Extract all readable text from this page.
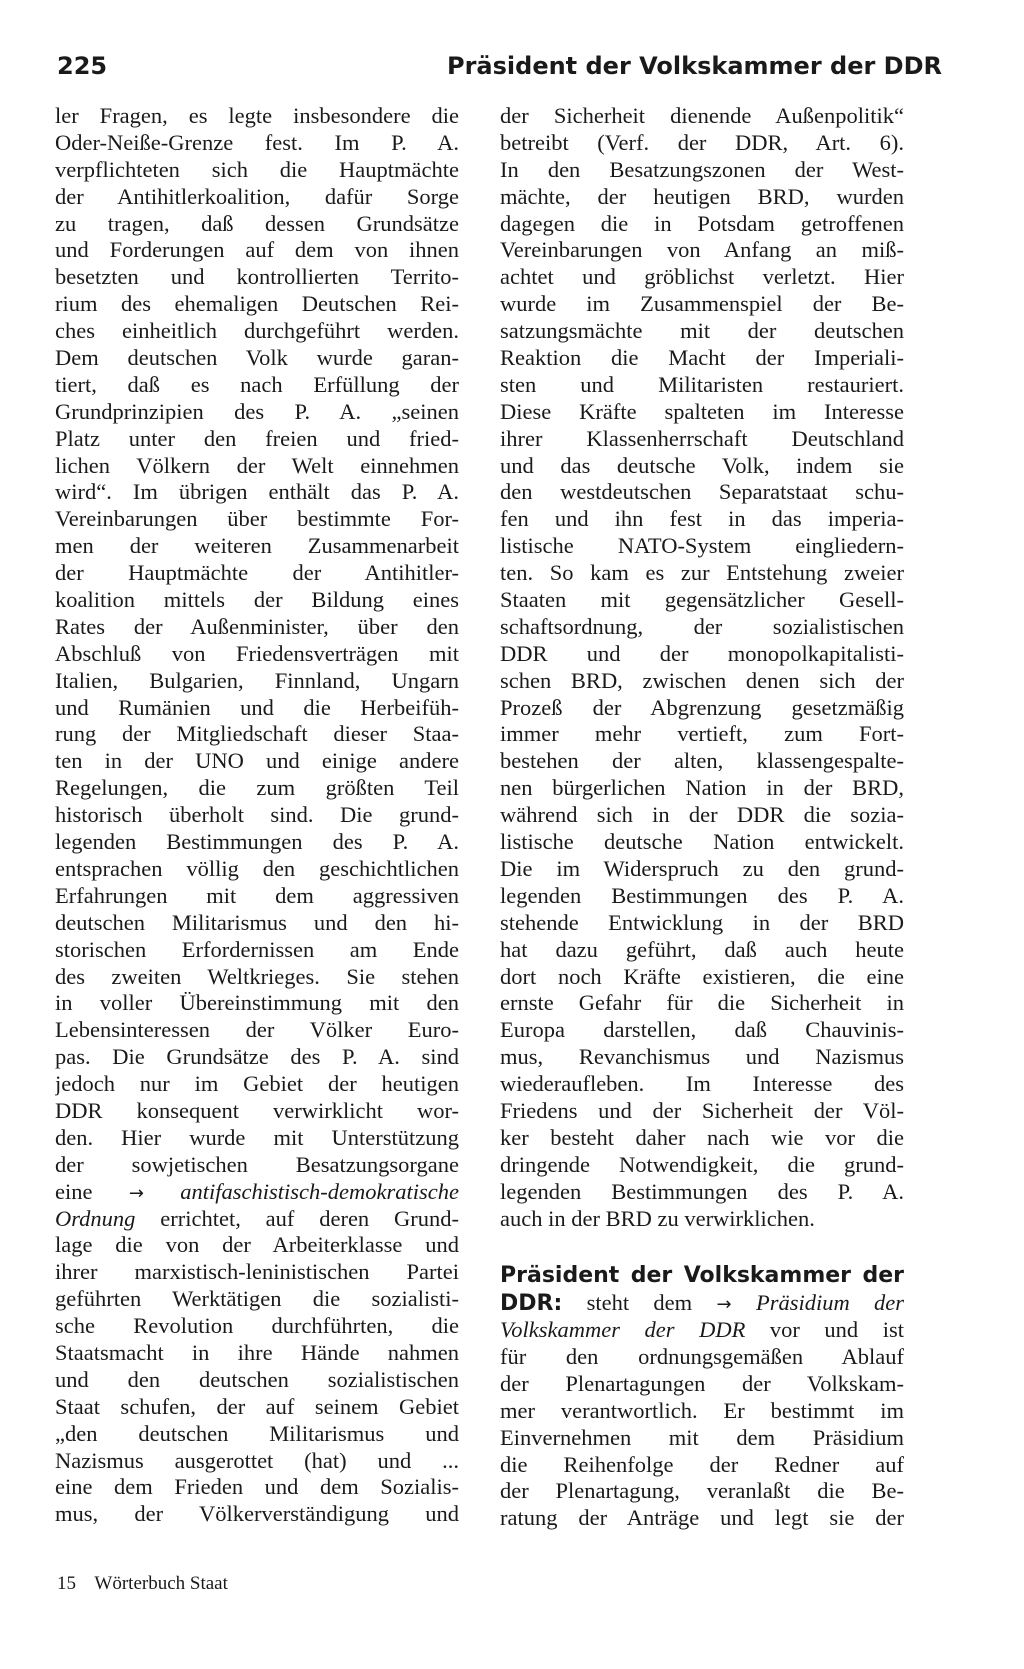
225	Präsident der Volkskammer der DDR
ler Fragen, es legte insbesondere die
Oder-Neiße-Grenze fest. Im P. A.
verpflichteten sich die Hauptmächte
der Antihitlerkoalition, dafür Sorge
zu tragen, daß dessen Grundsätze
und Forderungen auf dem von ihnen
besetzten und kontrollierten Territo-
rium des ehemaligen Deutschen Rei-
ches einheitlich durchgeführt werden.
Dem deutschen Volk wurde garan-
tiert, daß es nach Erfüllung der
Grundprinzipien des P. A. „seinen
Platz unter den freien und fried-
lichen Völkern der Welt einnehmen
wird“. Im übrigen enthält das P. A.
Vereinbarungen über bestimmte For-
men der weiteren Zusammenarbeit
der Hauptmächte der Antihitler-
koalition mittels der Bildung eines
Rates der Außenminister, über den
Abschluß von Friedensverträgen mit
Italien, Bulgarien, Finnland, Ungarn
und Rumänien und die Herbeifüh-
rung der Mitgliedschaft dieser Staa-
ten in der UNO und einige andere
Regelungen, die zum größten Teil
historisch überholt sind. Die grund-
legenden Bestimmungen des P. A.
entsprachen völlig den geschichtlichen
Erfahrungen mit dem aggressiven
deutschen Militarismus und den hi-
storischen Erfordernissen am Ende
des zweiten Weltkrieges. Sie stehen
in voller Übereinstimmung mit den
Lebensinteressen der Völker Euro-
pas. Die Grundsätze des P. A. sind
jedoch nur im Gebiet der heutigen
DDR konsequent verwirklicht wor-
den. Hier wurde mit Unterstützung
der sowjetischen Besatzungsorgane
eine → antifaschistisch-demokratische
Ordnung errichtet, auf deren Grund-
lage die von der Arbeiterklasse und
ihrer marxistisch-leninistischen Partei
geführten Werktätigen die sozialisti-
sche Revolution durchführten, die
Staatsmacht in ihre Hände nahmen
und den deutschen sozialistischen
Staat schufen, der auf seinem Gebiet
„den deutschen Militarismus und
Nazismus ausgerottet (hat) und ...
eine dem Frieden und dem Sozialis-
mus, der Völkerverständigung und
der Sicherheit dienende Außenpolitik“
betreibt (Verf. der DDR, Art. 6).
In den Besatzungszonen der West-
mächte, der heutigen BRD, wurden
dagegen die in Potsdam getroffenen
Vereinbarungen von Anfang an miß-
achtet und gröblichst verletzt. Hier
wurde im Zusammenspiel der Be-
satzungsmächte mit der deutschen
Reaktion die Macht der Imperiali-
sten und Militaristen restauriert.
Diese Kräfte spalteten im Interesse
ihrer Klassenherrschaft Deutschland
und das deutsche Volk, indem sie
den westdeutschen Separatstaat schu-
fen und ihn fest in das imperia-
listische NATO-System eingliedern-
ten. So kam es zur Entstehung zweier
Staaten mit gegensätzlicher Gesell-
schaftsordnung, der sozialistischen
DDR und der monopolkapitalisti-
schen BRD, zwischen denen sich der
Prozeß der Abgrenzung gesetzmäßig
immer mehr vertieft, zum Fort-
bestehen der alten, klassengespalte-
nen bürgerlichen Nation in der BRD,
während sich in der DDR die sozia-
listische deutsche Nation entwickelt.
Die im Widerspruch zu den grund-
legenden Bestimmungen des P. A.
stehende Entwicklung in der BRD
hat dazu geführt, daß auch heute
dort noch Kräfte existieren, die eine
ernste Gefahr für die Sicherheit in
Europa darstellen, daß Chauvinis-
mus, Revanchismus und Nazismus
wiederaufleben. Im Interesse des
Friedens und der Sicherheit der Völ-
ker besteht daher nach wie vor die
dringende Notwendigkeit, die grund-
legenden Bestimmungen des P. A.
auch in der BRD zu verwirklichen.
Präsident der Volkskammer der
DDR: steht dem → Präsidium der
Volkskammer der DDR vor und ist
für den ordnungsgemäßen Ablauf
der Plenartagungen der Volkskam-
mer verantwortlich. Er bestimmt im
Einvernehmen mit dem Präsidium
die Reihenfolge der Redner auf
der Plenartagung, veranlaßt die Be-
ratung der Anträge und legt sie der
15 Wörterbuch Staat
